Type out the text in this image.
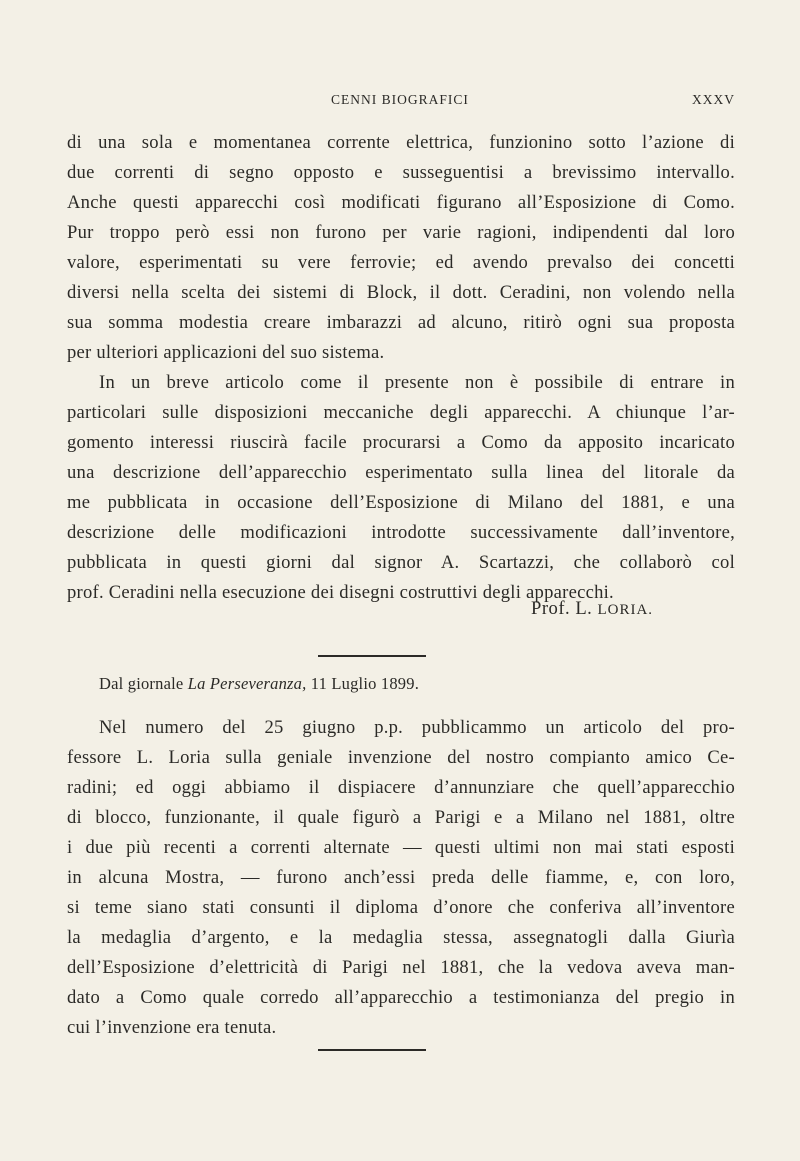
CENNI BIOGRAFICI	XXXV
di una sola e momentanea corrente elettrica, funzionino sotto l’azione di
due correnti di segno opposto e susseguentisi a brevissimo intervallo.
Anche questi apparecchi così modificati figurano all’Esposizione di Como.
Pur troppo però essi non furono per varie ragioni, indipendenti dal loro
valore, esperimentati su vere ferrovie; ed avendo prevalso dei concetti
diversi nella scelta dei sistemi di Block, il dott. Ceradini, non volendo nella
sua somma modestia creare imbarazzi ad alcuno, ritirò ogni sua proposta
per ulteriori applicazioni del suo sistema.
In un breve articolo come il presente non è possibile di entrare in
particolari sulle disposizioni meccaniche degli apparecchi. A chiunque l’ar-
gomento interessi riuscirà facile procurarsi a Como da apposito incaricato
una descrizione dell’apparecchio esperimentato sulla linea del litorale da
me pubblicata in occasione dell’Esposizione di Milano del 1881, e una
descrizione delle modificazioni introdotte successivamente dall’inventore,
pubblicata in questi giorni dal signor A. Scartazzi, che collaborò col
prof. Ceradini nella esecuzione dei disegni costruttivi degli apparecchi.
Prof. L. LORIA.
Dal giornale La Perseveranza, 11 Luglio 1899.
Nel numero del 25 giugno p.p. pubblicammo un articolo del pro-
fessore L. Loria sulla geniale invenzione del nostro compianto amico Ce-
radini; ed oggi abbiamo il dispiacere d’annunziare che quell’apparecchio
di blocco, funzionante, il quale figurò a Parigi e a Milano nel 1881, oltre
i due più recenti a correnti alternate — questi ultimi non mai stati esposti
in alcuna Mostra, — furono anch’essi preda delle fiamme, e, con loro,
si teme siano stati consunti il diploma d’onore che conferiva all’inventore
la medaglia d’argento, e la medaglia stessa, assegnatogli dalla Giurìa
dell’Esposizione d’elettricità di Parigi nel 1881, che la vedova aveva man-
dato a Como quale corredo all’apparecchio a testimonianza del pregio in
cui l’invenzione era tenuta.
